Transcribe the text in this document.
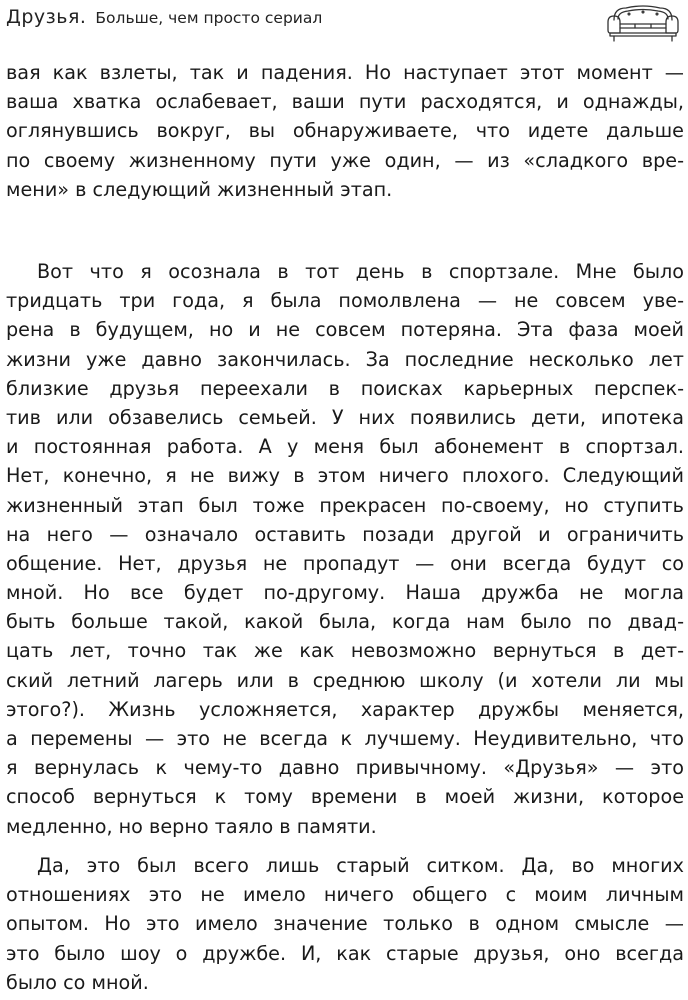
Друзья. Больше, чем просто сериал
вая как взлеты, так и падения. Но наступает этот момент —
ваша хватка ослабевает, ваши пути расходятся, и однажды,
оглянувшись вокруг, вы обнаруживаете, что идете дальше
по своему жизненному пути уже один, — из «сладкого вре-
мени» в следующий жизненный этап.
Вот что я осознала в тот день в спортзале. Мне было
тридцать три года, я была помолвлена — не совсем уве-
рена в будущем, но и не совсем потеряна. Эта фаза моей
жизни уже давно закончилась. За последние несколько лет
близкие друзья переехали в поисках карьерных перспек-
тив или обзавелись семьей. У них появились дети, ипотека
и постоянная работа. А у меня был абонемент в спортзал.
Нет, конечно, я не вижу в этом ничего плохого. Следующий
жизненный этап был тоже прекрасен по-своему, но ступить
на него — означало оставить позади другой и ограничить
общение. Нет, друзья не пропадут — они всегда будут со
мной. Но все будет по-другому. Наша дружба не могла
быть больше такой, какой была, когда нам было по двад-
цать лет, точно так же как невозможно вернуться в дет-
ский летний лагерь или в среднюю школу (и хотели ли мы
этого?). Жизнь усложняется, характер дружбы меняется,
а перемены — это не всегда к лучшему. Неудивительно, что
я вернулась к чему-то давно привычному. «Друзья» — это
способ вернуться к тому времени в моей жизни, которое
медленно, но верно таяло в памяти.
Да, это был всего лишь старый ситком. Да, во многих
отношениях это не имело ничего общего с моим личным
опытом. Но это имело значение только в одном смысле —
это было шоу о дружбе. И, как старые друзья, оно всегда
было со мной.
